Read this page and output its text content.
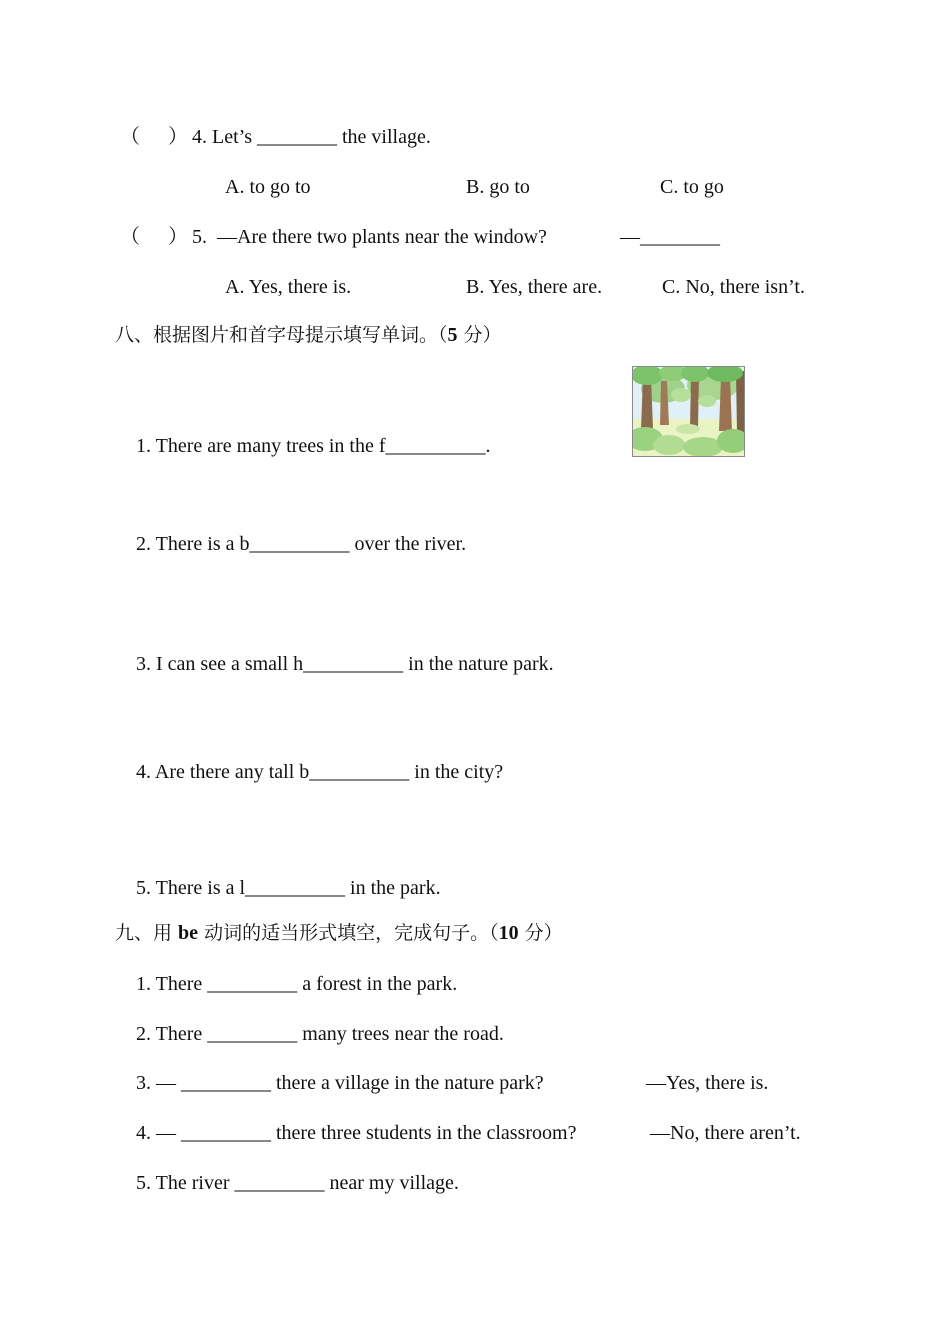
（ ） 4. Let’s ________ the village.
A. to go to	B. go to	C. to go
（ ） 5.  —Are there two plants near the window?	—________
A. Yes, there is.	B. Yes, there are.	C. No, there isn’t.
八、根据图片和首字母提示填写单词。（5 分）
1. There are many trees in the f__________.
2. There is a b__________ over the river.
3. I can see a small h__________ in the nature park.
4. Are there any tall b__________ in the city?
5. There is a l__________ in the park.
九、用 be 动词的适当形式填空，完成句子。（10 分）
1. There _________ a forest in the park.
2. There _________ many trees near the road.
3. — _________ there a village in the nature park?	—Yes, there is.
4. — _________ there three students in the classroom?	—No, there aren’t.
5. The river _________ near my village.
